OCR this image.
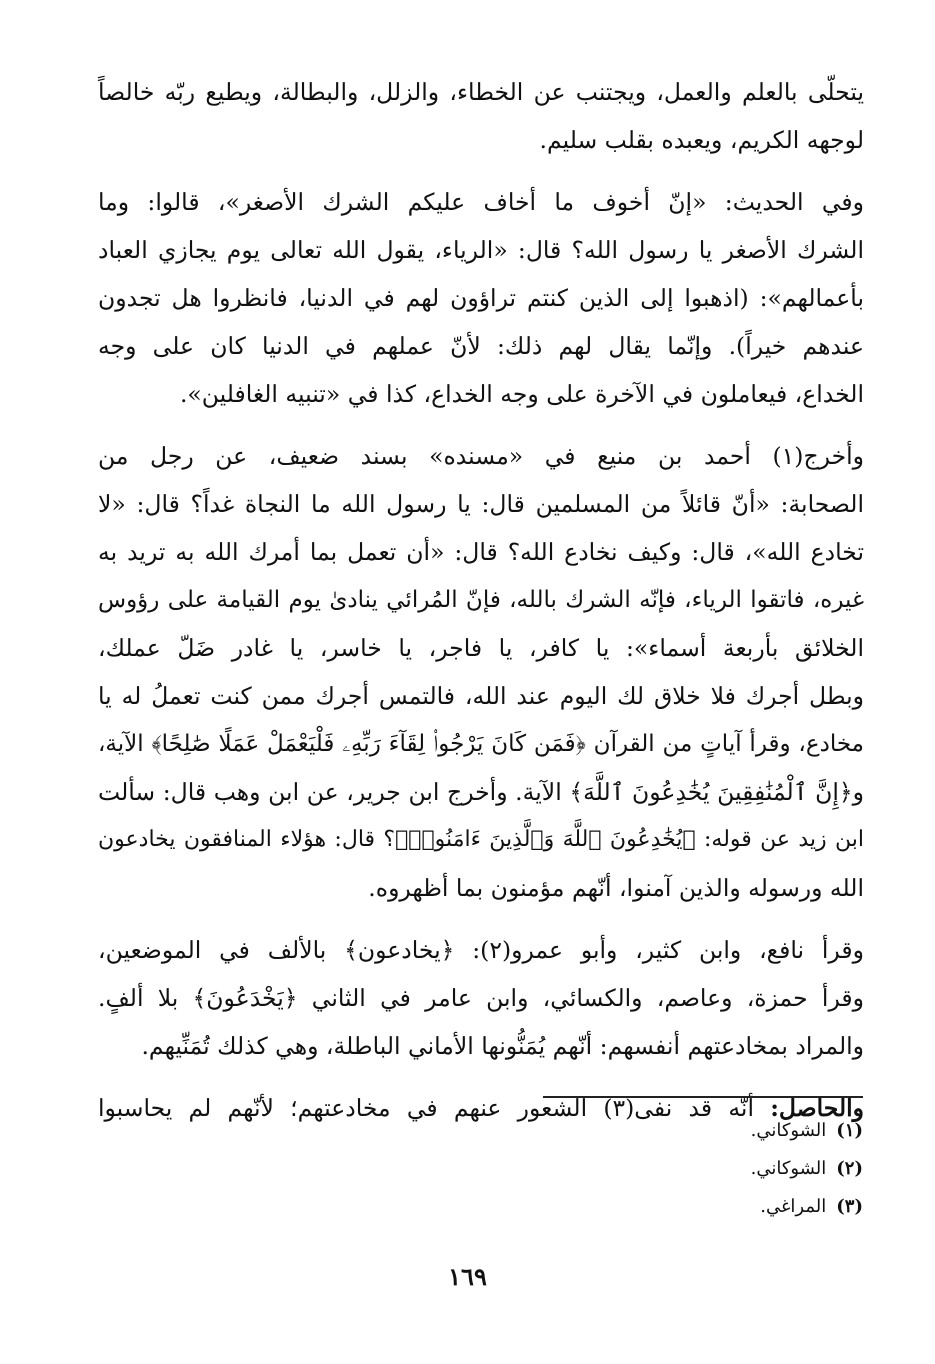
يتحلّى بالعلم والعمل، ويجتنب عن الخطاء، والزلل، والبطالة، ويطيع ربّه خالصاً
لوجهه الكريم، ويعبده بقلب سليم.
وفي الحديث: «إنّ أخوف ما أخاف عليكم الشرك الأصغر»، قالوا: وما
الشرك الأصغر يا رسول الله؟ قال: «الرياء، يقول الله تعالى يوم يجازي العباد
بأعمالهم»: (اذهبوا إلى الذين كنتم تراؤون لهم في الدنيا، فانظروا هل تجدون
عندهم خيراً). وإنّما يقال لهم ذلك: لأنّ عملهم في الدنيا كان على وجه
الخداع، فيعاملون في الآخرة على وجه الخداع، كذا في «تنبيه الغافلين».
وأخرج(١) أحمد بن منيع في «مسنده» بسند ضعيف، عن رجل من
الصحابة: «أنّ قائلاً من المسلمين قال: يا رسول الله ما النجاة غداً؟ قال: «لا
تخادع الله»، قال: وكيف نخادع الله؟ قال: «أن تعمل بما أمرك الله به تريد به
غيره، فاتقوا الرياء، فإنّه الشرك بالله، فإنّ المُرائي ينادىٰ يوم القيامة على رؤوس
الخلائق بأربعة أسماء»: يا كافر، يا فاجر، يا خاسر، يا غادر ضَلّ عملك،
وبطل أجرك فلا خلاق لك اليوم عند الله، فالتمس أجرك ممن كنت تعملُ له يا
مخادع، وقرأ آياتٍ من القرآن ﴿فَمَن كَانَ يَرْجُوا۟ لِقَآءَ رَبِّهِۦ فَلْيَعْمَلْ عَمَلًا صَٰلِحًا﴾ الآية،
و﴿إِنَّ ٱلْمُنَٰفِقِينَ يُخَٰدِعُونَ ٱللَّهَ﴾ الآية. وأخرج ابن جرير، عن ابن وهب قال: سألت
ابن زيد عن قوله: ﴿يُخَٰدِعُونَ ٱللَّهَ وَٱلَّذِينَ ءَامَنُوا۟﴾؟ قال: هؤلاء المنافقون يخادعون
الله ورسوله والذين آمنوا، أنّهم مؤمنون بما أظهروه.
وقرأ نافع، وابن كثير، وأبو عمرو(٢): ﴿يخادعون﴾ بالألف في الموضعين،
وقرأ حمزة، وعاصم، والكسائي، وابن عامر في الثاني ﴿يَخْدَعُونَ﴾ بلا ألفٍ.
والمراد بمخادعتهم أنفسهم: أنّهم يُمَنُّونها الأماني الباطلة، وهي كذلك تُمَنِّيهم.
والحاصل: أنّه قد نفى(٣) الشعور عنهم في مخادعتهم؛ لأنّهم لم يحاسبوا
(١)الشوكاني.
(٢)الشوكاني.
(٣)المراغي.
١٦٩
